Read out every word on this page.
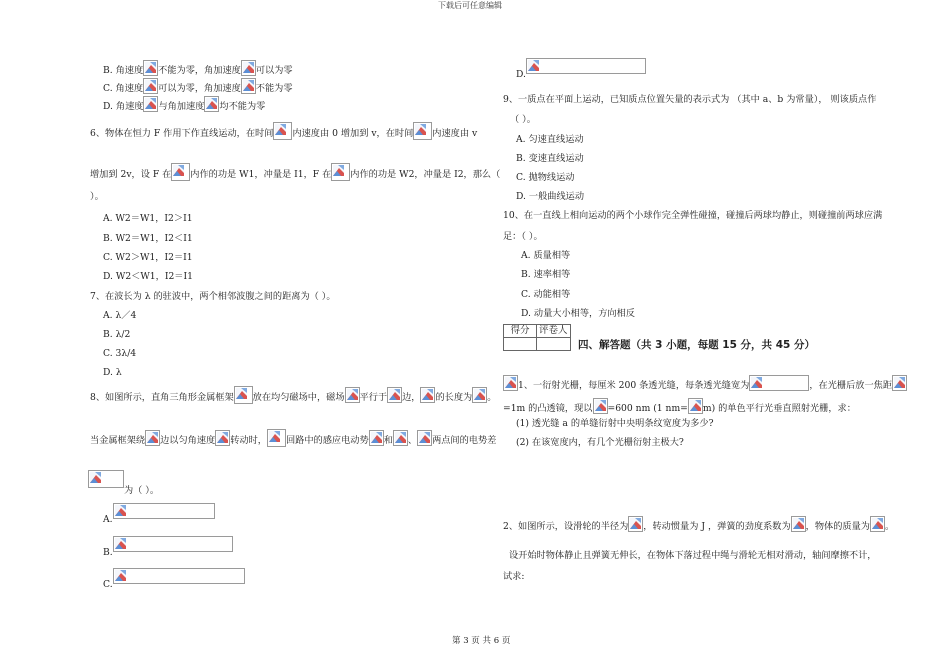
下载后可任意编辑
B. 角速度 不能为零，角加速度 可以为零
C. 角速度 可以为零，角加速度 不能为零
D. 角速度 与角加速度 均不能为零
6、物体在恒力 F 作用下作直线运动，在时间 内速度由 0 增加到 v，在时间 内速度由 v
增加到 2v，设 F 在 内作的功是 W1，冲量是 I1，F 在 内作的功是 W2，冲量是 I2，那么（
）。
A. W2＝W1，I2＞I1
B. W2＝W1，I2＜I1
C. W2＞W1，I2＝I1
D. W2＜W1，I2＝I1
7、在波长为 λ 的驻波中，两个相邻波腹之间的距离为（ ）。
A. λ／4
B. λ/2
C. 3λ/4
D. λ
8、如图所示，直角三角形金属框架 放在均匀磁场中，磁场 平行于 边， 的长度为 。
当金属框架绕 边以匀角速度 转动时， 回路中的感应电动势 和 、 两点间的电势差
为（ ）。
A.
B.
C.
D.
9、一质点在平面上运动，已知质点位置矢量的表示式为 （其中 a、b 为常量）， 则该质点作
（ ）。
A. 匀速直线运动
B. 变速直线运动
C. 抛物线运动
D. 一般曲线运动
10、在一直线上相向运动的两个小球作完全弹性碰撞，碰撞后两球均静止，则碰撞前两球应满
足：（ ）。
A. 质量相等
B. 速率相等
C. 动能相等
D. 动量大小相等，方向相反
得分	评卷人

四、解答题（共 3 小题，每题 15 分，共 45 分）
1、一衍射光栅，每厘米 200 条透光缝，每条透光缝宽为	，在光栅后放一焦距
=1m 的凸透镜，现以 =600 nm (1 nm= m) 的单色平行光垂直照射光栅，求：
(1) 透光缝 a 的单缝衍射中央明条纹宽度为多少?
(2) 在该宽度内，有几个光栅衍射主极大?
2、如图所示，设滑轮的半径为 ，转动惯量为 J ，弹簧的劲度系数为 ，物体的质量为 。
设开始时物体静止且弹簧无伸长，在物体下落过程中绳与滑轮无相对滑动，轴间摩擦不计，
试求:
第 3 页 共 6 页
